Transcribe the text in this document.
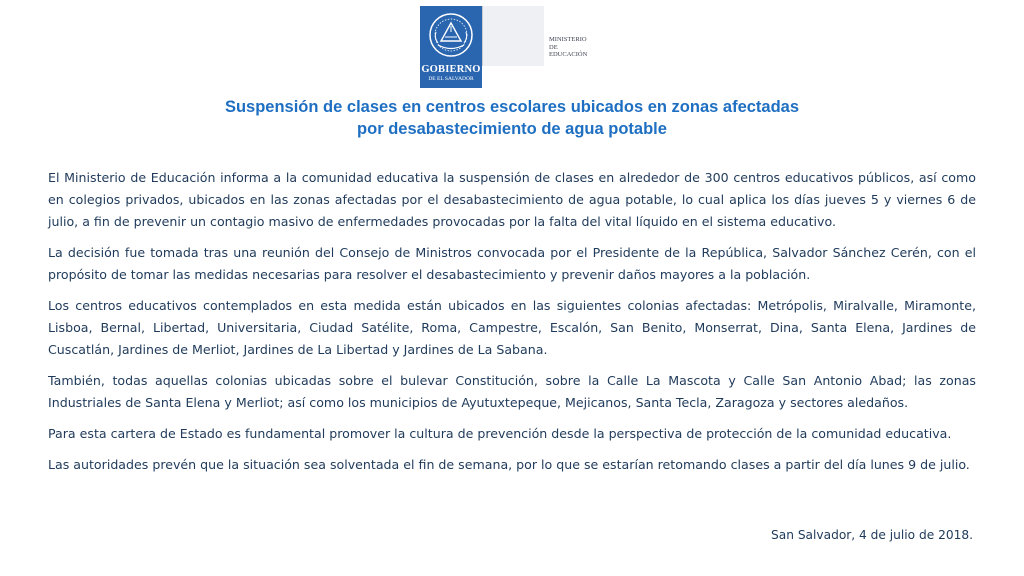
GOBIERNO
DE EL SALVADOR
MINISTERIO
DE EDUCACIÓN
Suspensión de clases en centros escolares ubicados en zonas afectadas
por desabastecimiento de agua potable

El Ministerio de Educación informa a la comunidad educativa la suspensión de clases en alrededor de 300 centros educativos públicos, así como en colegios privados, ubicados en las zonas afectadas por el desabastecimiento de agua potable, lo cual aplica los días jueves 5 y viernes 6 de julio, a fin de prevenir un contagio masivo de enfermedades provocadas por la falta del vital líquido en el sistema educativo.

La decisión fue tomada tras una reunión del Consejo de Ministros convocada por el Presidente de la República, Salvador Sánchez Cerén, con el propósito de tomar las medidas necesarias para resolver el desabastecimiento y prevenir daños mayores a la población.

Los centros educativos contemplados en esta medida están ubicados en las siguientes colonias afectadas: Metrópolis, Miralvalle, Miramonte, Lisboa, Bernal, Libertad, Universitaria, Ciudad Satélite, Roma, Campestre, Escalón, San Benito, Monserrat, Dina, Santa Elena, Jardines de Cuscatlán, Jardines de Merliot, Jardines de La Libertad y Jardines de La Sabana.

También, todas aquellas colonias ubicadas sobre el bulevar Constitución, sobre la Calle La Mascota y Calle San Antonio Abad; las zonas Industriales de Santa Elena y Merliot; así como los municipios de Ayutuxtepeque, Mejicanos, Santa Tecla, Zaragoza y sectores aledaños.

Para esta cartera de Estado es fundamental promover la cultura de prevención desde la perspectiva de protección de la comunidad educativa.

Las autoridades prevén que la situación sea solventada el fin de semana, por lo que se estarían retomando clases a partir del día lunes 9 de julio.

San Salvador, 4 de julio de 2018.
